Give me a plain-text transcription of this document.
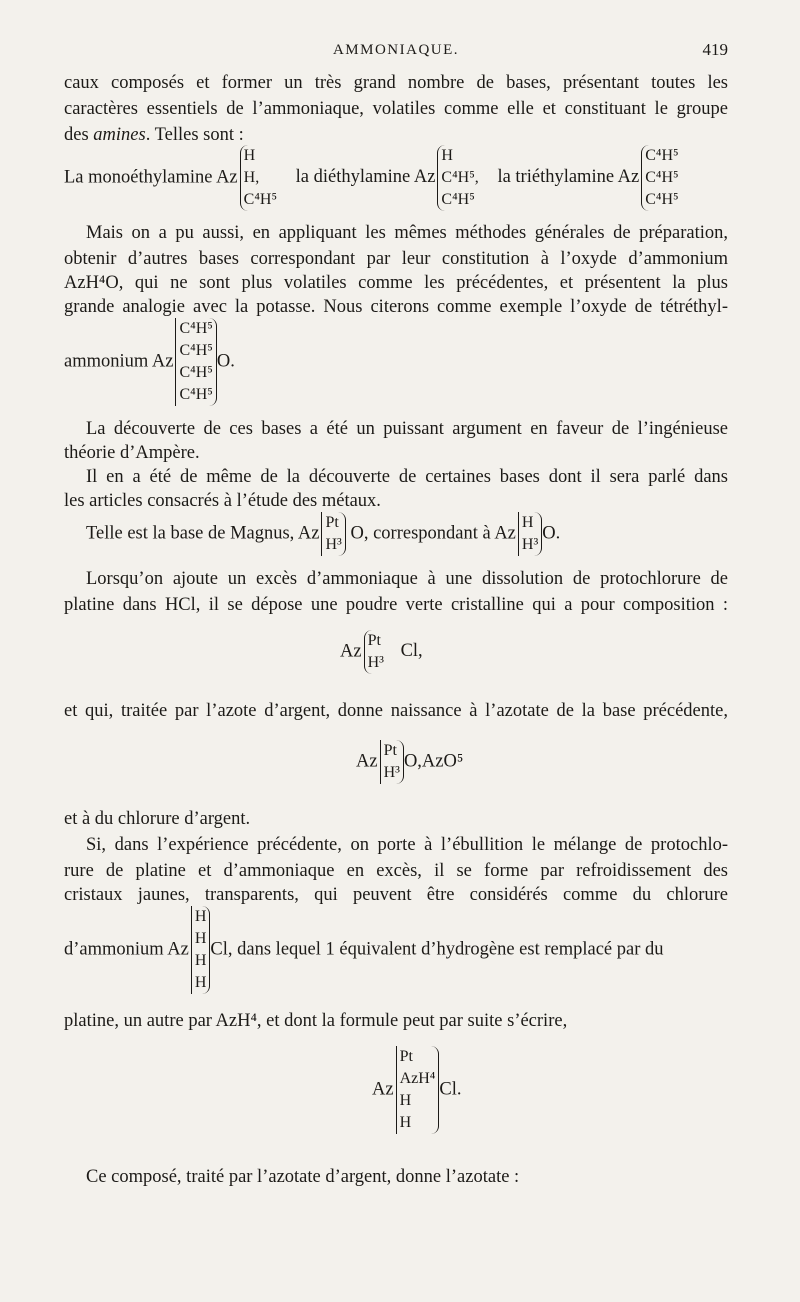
AMMONIAQUE.	419

caux composés et former un très grand nombre de bases, présentant toutes les

caractères essentiels de l’ammoniaque, volatiles comme elle et constituant le groupe

des amines. Telles sont :

La monoéthylamine Az
H
H,
C⁴H⁵
la diéthylamine Az
H
C⁴H⁵,
C⁴H⁵
la triéthylamine Az
C⁴H⁵
C⁴H⁵
C⁴H⁵

Mais on a pu aussi, en appliquant les mêmes méthodes générales de préparation,

obtenir d’autres bases correspondant par leur constitution à l’oxyde d’ammonium

AzH⁴O, qui ne sont plus volatiles comme les précédentes, et présentent la plus

grande analogie avec la potasse. Nous citerons comme exemple l’oxyde de tétréthyl-

ammonium Az
C⁴H⁵
C⁴H⁵
C⁴H⁵
C⁴H⁵
O.

La découverte de ces bases a été un puissant argument en faveur de l’ingénieuse

théorie d’Ampère.

Il en a été de même de la découverte de certaines bases dont il sera parlé dans

les articles consacrés à l’étude des métaux.

Telle est la base de Magnus, Az
Pt
H³
O, correspondant à Az
H
H³
O.

Lorsqu’on ajoute un excès d’ammoniaque à une dissolution de protochlorure de

platine dans HCl, il se dépose une poudre verte cristalline qui a pour composition :

Az
Pt
H³
Cl,

et qui, traitée par l’azote d’argent, donne naissance à l’azotate de la base précédente,

Az
Pt
H³
O,AzO⁵

et à du chlorure d’argent.

Si, dans l’expérience précédente, on porte à l’ébullition le mélange de protochlo-

rure de platine et d’ammoniaque en excès, il se forme par refroidissement des

cristaux jaunes, transparents, qui peuvent être considérés comme du chlorure

d’ammonium Az
H
H
H
H
Cl, dans lequel 1 équivalent d’hydrogène est remplacé par du

platine, un autre par AzH⁴, et dont la formule peut par suite s’écrire,

Az
Pt
AzH⁴
H
H
Cl.

Ce composé, traité par l’azotate d’argent, donne l’azotate :
